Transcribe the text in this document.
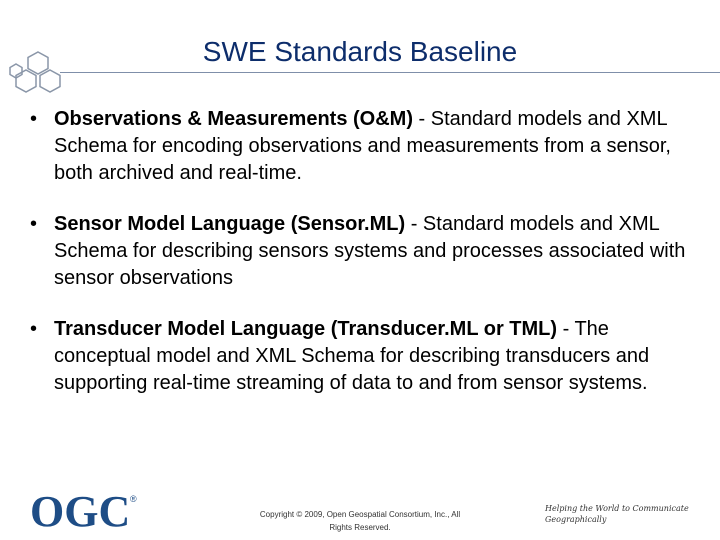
SWE Standards Baseline
• Observations & Measurements (O&M) - Standard models and XML Schema for encoding observations and measurements from a sensor, both archived and real-time.
• Sensor Model Language (Sensor.ML) - Standard models and XML Schema for describing sensors systems and processes associated with sensor observations
• Transducer Model Language (Transducer.ML or TML) - The conceptual model and XML Schema for describing transducers and supporting real-time streaming of data to and from sensor systems.
OGC ®
Copyright © 2009, Open Geospatial Consortium, Inc., All
Rights Reserved.
Helping the World to Communicate
Geographically
